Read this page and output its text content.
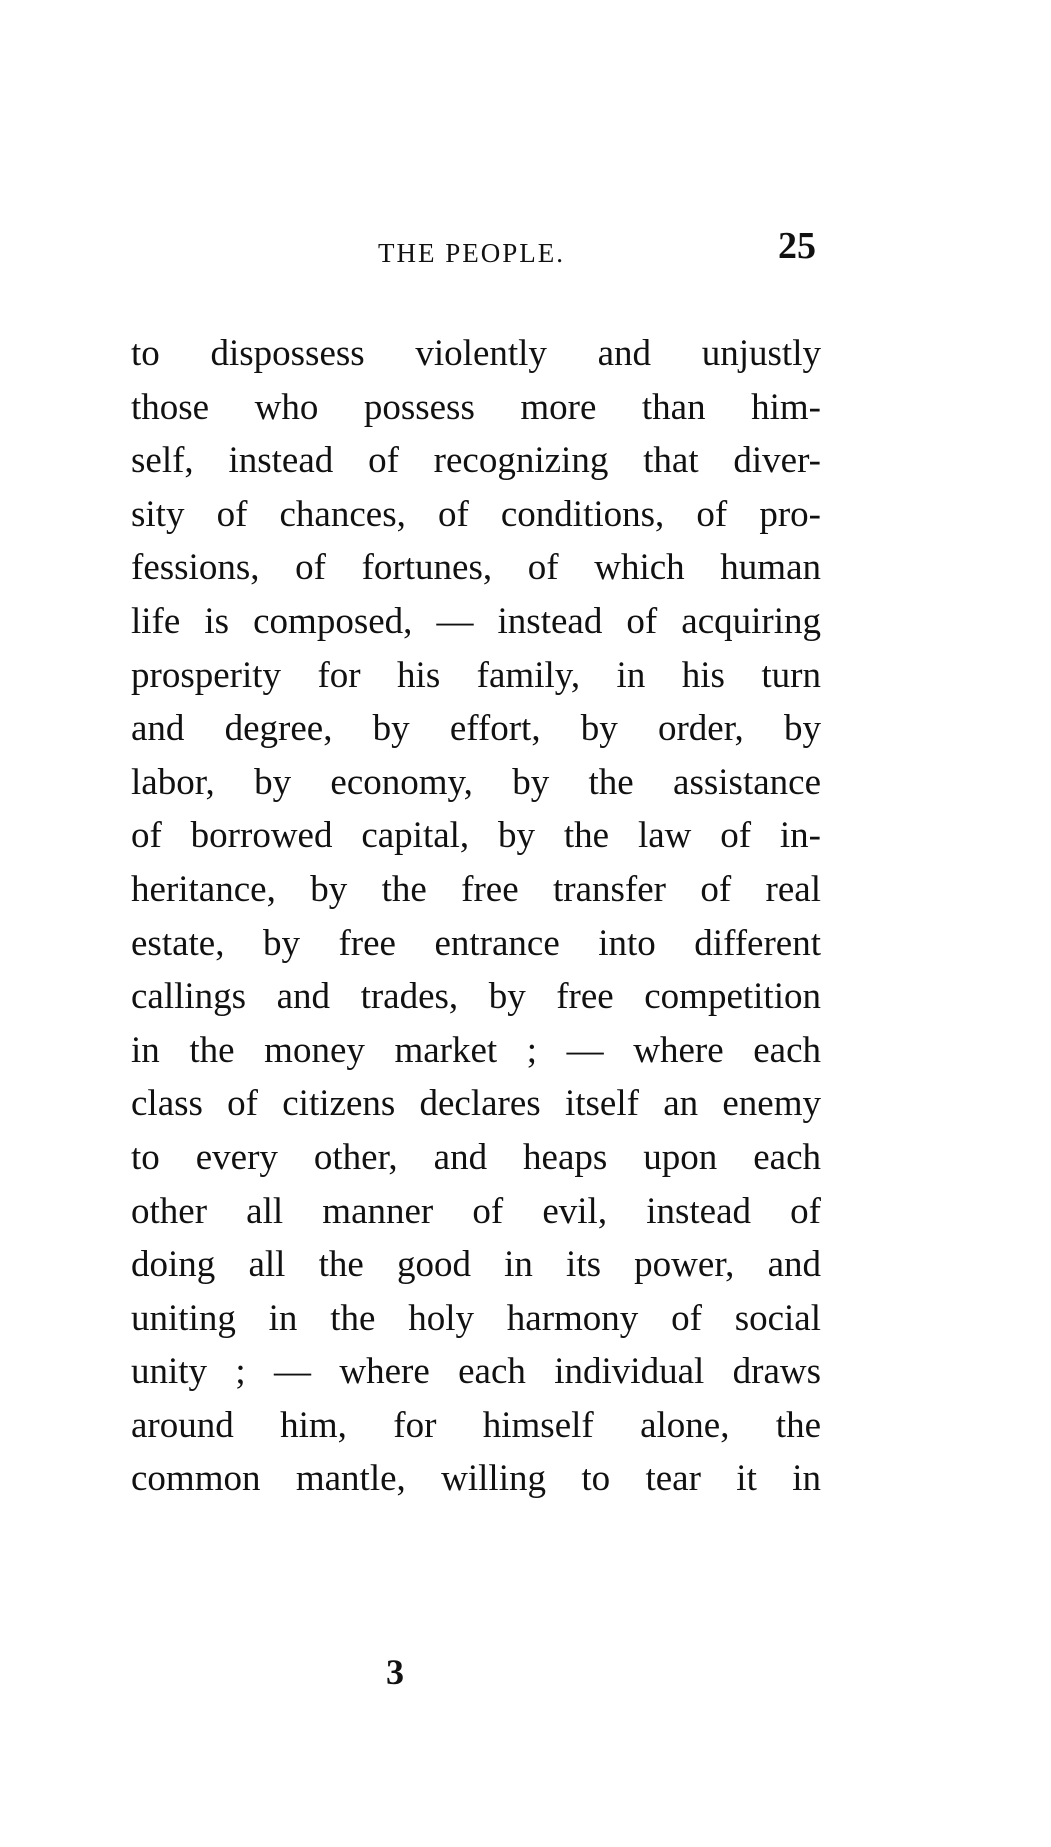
THE PEOPLE.	25
to dispossess violently and unjustly
those who possess more than him-
self, instead of recognizing that diver-
sity of chances, of conditions, of pro-
fessions, of fortunes, of which human
life is composed, — instead of acquiring
prosperity for his family, in his turn
and degree, by effort, by order, by
labor, by economy, by the assistance
of borrowed capital, by the law of in-
heritance, by the free transfer of real
estate, by free entrance into different
callings and trades, by free competition
in the money market ; — where each
class of citizens declares itself an enemy
to every other, and heaps upon each
other all manner of evil, instead of
doing all the good in its power, and
uniting in the holy harmony of social
unity ; — where each individual draws
around him, for himself alone, the
common mantle, willing to tear it in
3
